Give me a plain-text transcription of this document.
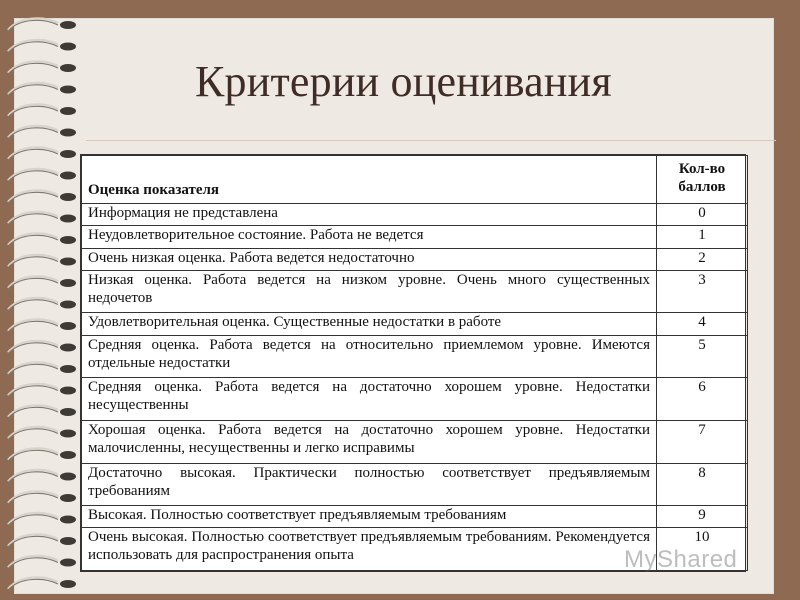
Критерии оценивания
Оценка показателя	Кол-во баллов
Информация не представлена	0
Неудовлетворительное состояние. Работа не ведется	1
Очень низкая оценка. Работа ведется недостаточно	2
Низкая оценка. Работа ведется на низком уровне. Очень много существенных недочетов	3
Удовлетворительная оценка. Существенные недостатки в работе	4
Средняя оценка. Работа ведется на относительно приемлемом уровне. Имеются отдельные недостатки	5
Средняя оценка. Работа ведется на достаточно хорошем уровне. Недостатки несущественны	6
Хорошая оценка. Работа ведется на достаточно хорошем уровне. Недостатки малочисленны, несущественны и легко исправимы	7
Достаточно высокая. Практически полностью соответствует предъявляемым требованиям	8
Высокая. Полностью соответствует предъявляемым требованиям	9
Очень высокая. Полностью соответствует предъявляемым требованиям. Рекомендуется использовать для распространения опыта	10
MyShared
